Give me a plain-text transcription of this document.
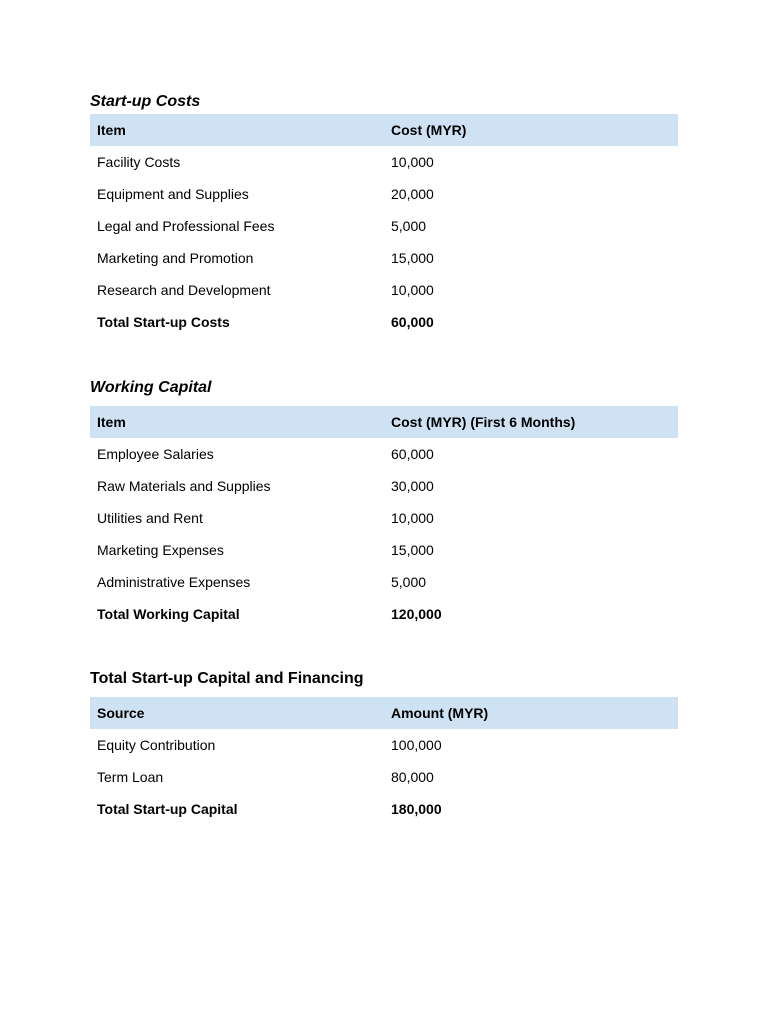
Start-up Costs
Item	Cost (MYR)
Facility Costs	10,000
Equipment and Supplies	20,000
Legal and Professional Fees	5,000
Marketing and Promotion	15,000
Research and Development	10,000
Total Start-up Costs	60,000
Working Capital
Item	Cost (MYR) (First 6 Months)
Employee Salaries	60,000
Raw Materials and Supplies	30,000
Utilities and Rent	10,000
Marketing Expenses	15,000
Administrative Expenses	5,000
Total Working Capital	120,000
Total Start-up Capital and Financing
Source	Amount (MYR)
Equity Contribution	100,000
Term Loan	80,000
Total Start-up Capital	180,000
